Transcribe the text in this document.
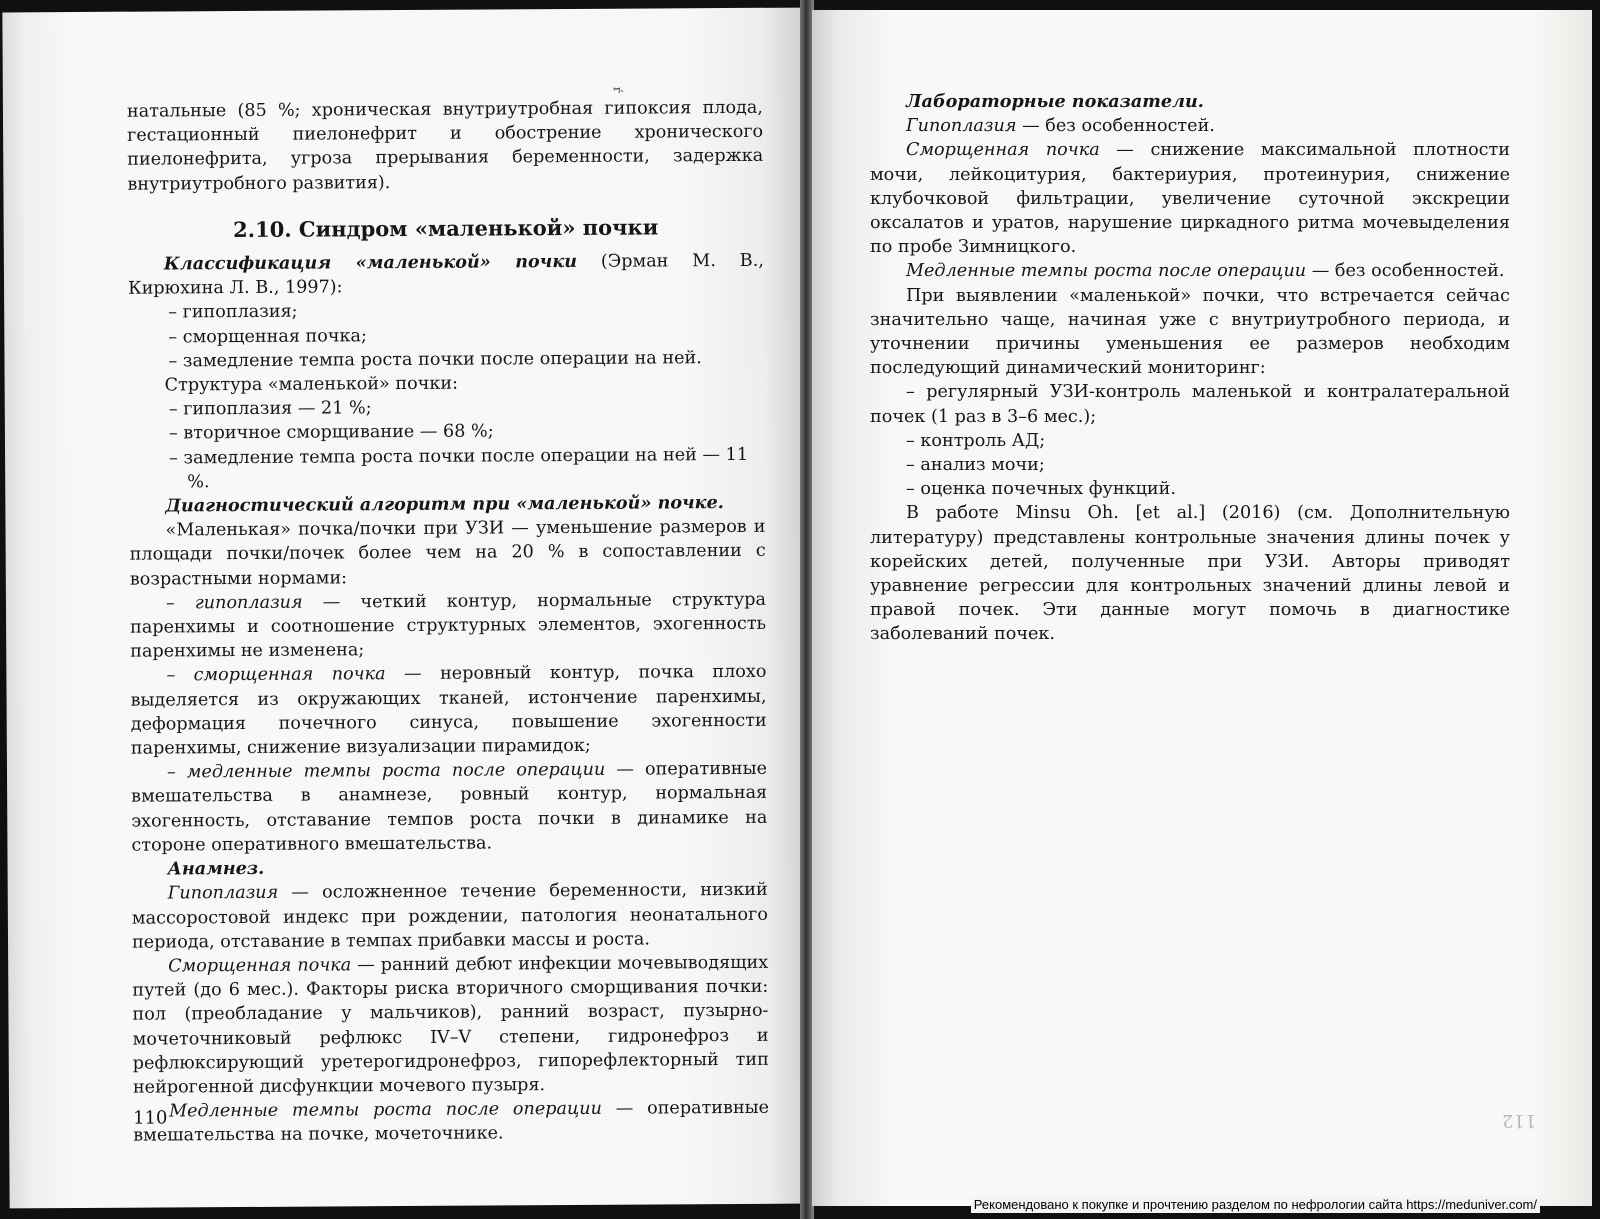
ŕ

натальные (85 %; хроническая внутриутробная гипоксия плода, гестационный пиелонефрит и обострение хронического пиелонефрита, угроза прерывания беременности, задержка внутриутробного развития).

2.10. Синдром «маленькой» почки

Классификация «маленькой» почки (Эрман М. В., Кирюхина Л. В., 1997):

– гипоплазия;

– сморщенная почка;

– замедление темпа роста почки после операции на ней.

Структура «маленькой» почки:

– гипоплазия — 21 %;

– вторичное сморщивание — 68 %;

– замедление темпа роста почки после операции на ней — 11 %.

Диагностический алгоритм при «маленькой» почке.

«Маленькая» почка/почки при УЗИ — уменьшение размеров и площади почки/почек более чем на 20 % в сопоставлении с возрастными нормами:

– гипоплазия — четкий контур, нормальные структура паренхимы и соотношение структурных элементов, эхогенность паренхимы не изменена;

– сморщенная почка — неровный контур, почка плохо выделяется из окружающих тканей, истончение паренхимы, деформация почечного синуса, повышение эхогенности паренхимы, снижение визуализации пирамидок;

– медленные темпы роста после операции — оперативные вмешательства в анамнезе, ровный контур, нормальная эхогенность, отставание темпов роста почки в динамике на стороне оперативного вмешательства.

Анамнез.

Гипоплазия — осложненное течение беременности, низкий массоростовой индекс при рождении, патология неонатального периода, отставание в темпах прибавки массы и роста.

Сморщенная почка — ранний дебют инфекции мочевыводящих путей (до 6 мес.). Факторы риска вторичного сморщивания почки: пол (преобладание у мальчиков), ранний возраст, пузырно-мочеточниковый рефлюкс IV–V степени, гидронефроз и рефлюксирующий уретерогидронефроз, гипорефлекторный тип нейрогенной дисфункции мочевого пузыря.

Медленные темпы роста после операции — оперативные вмешательства на почке, мочеточнике.

110

Лабораторные показатели.

Гипоплазия — без особенностей.

Сморщенная почка — снижение максимальной плотности мочи, лейкоцитурия, бактериурия, протеинурия, снижение клубочковой фильтрации, увеличение суточной экскреции оксалатов и уратов, нарушение циркадного ритма мочевыделения по пробе Зимницкого.

Медленные темпы роста после операции — без особенностей.

При выявлении «маленькой» почки, что встречается сейчас значительно чаще, начиная уже с внутриутробного периода, и уточнении причины уменьшения ее размеров необходим последующий динамический мониторинг:

– регулярный УЗИ-контроль маленькой и контралатеральной почек (1 раз в 3–6 мес.);

– контроль АД;

– анализ мочи;

– оценка почечных функций.

В работе Minsu Oh. [et al.] (2016) (см. Дополнительную литературу) представлены контрольные значения длины почек у корейских детей, полученные при УЗИ. Авторы приводят уравнение регрессии для контрольных значений длины левой и правой почек. Эти данные могут помочь в диагностике заболеваний почек.

112
Рекомендовано к покупке и прочтению разделом по нефрологии сайта https://meduniver.com/
